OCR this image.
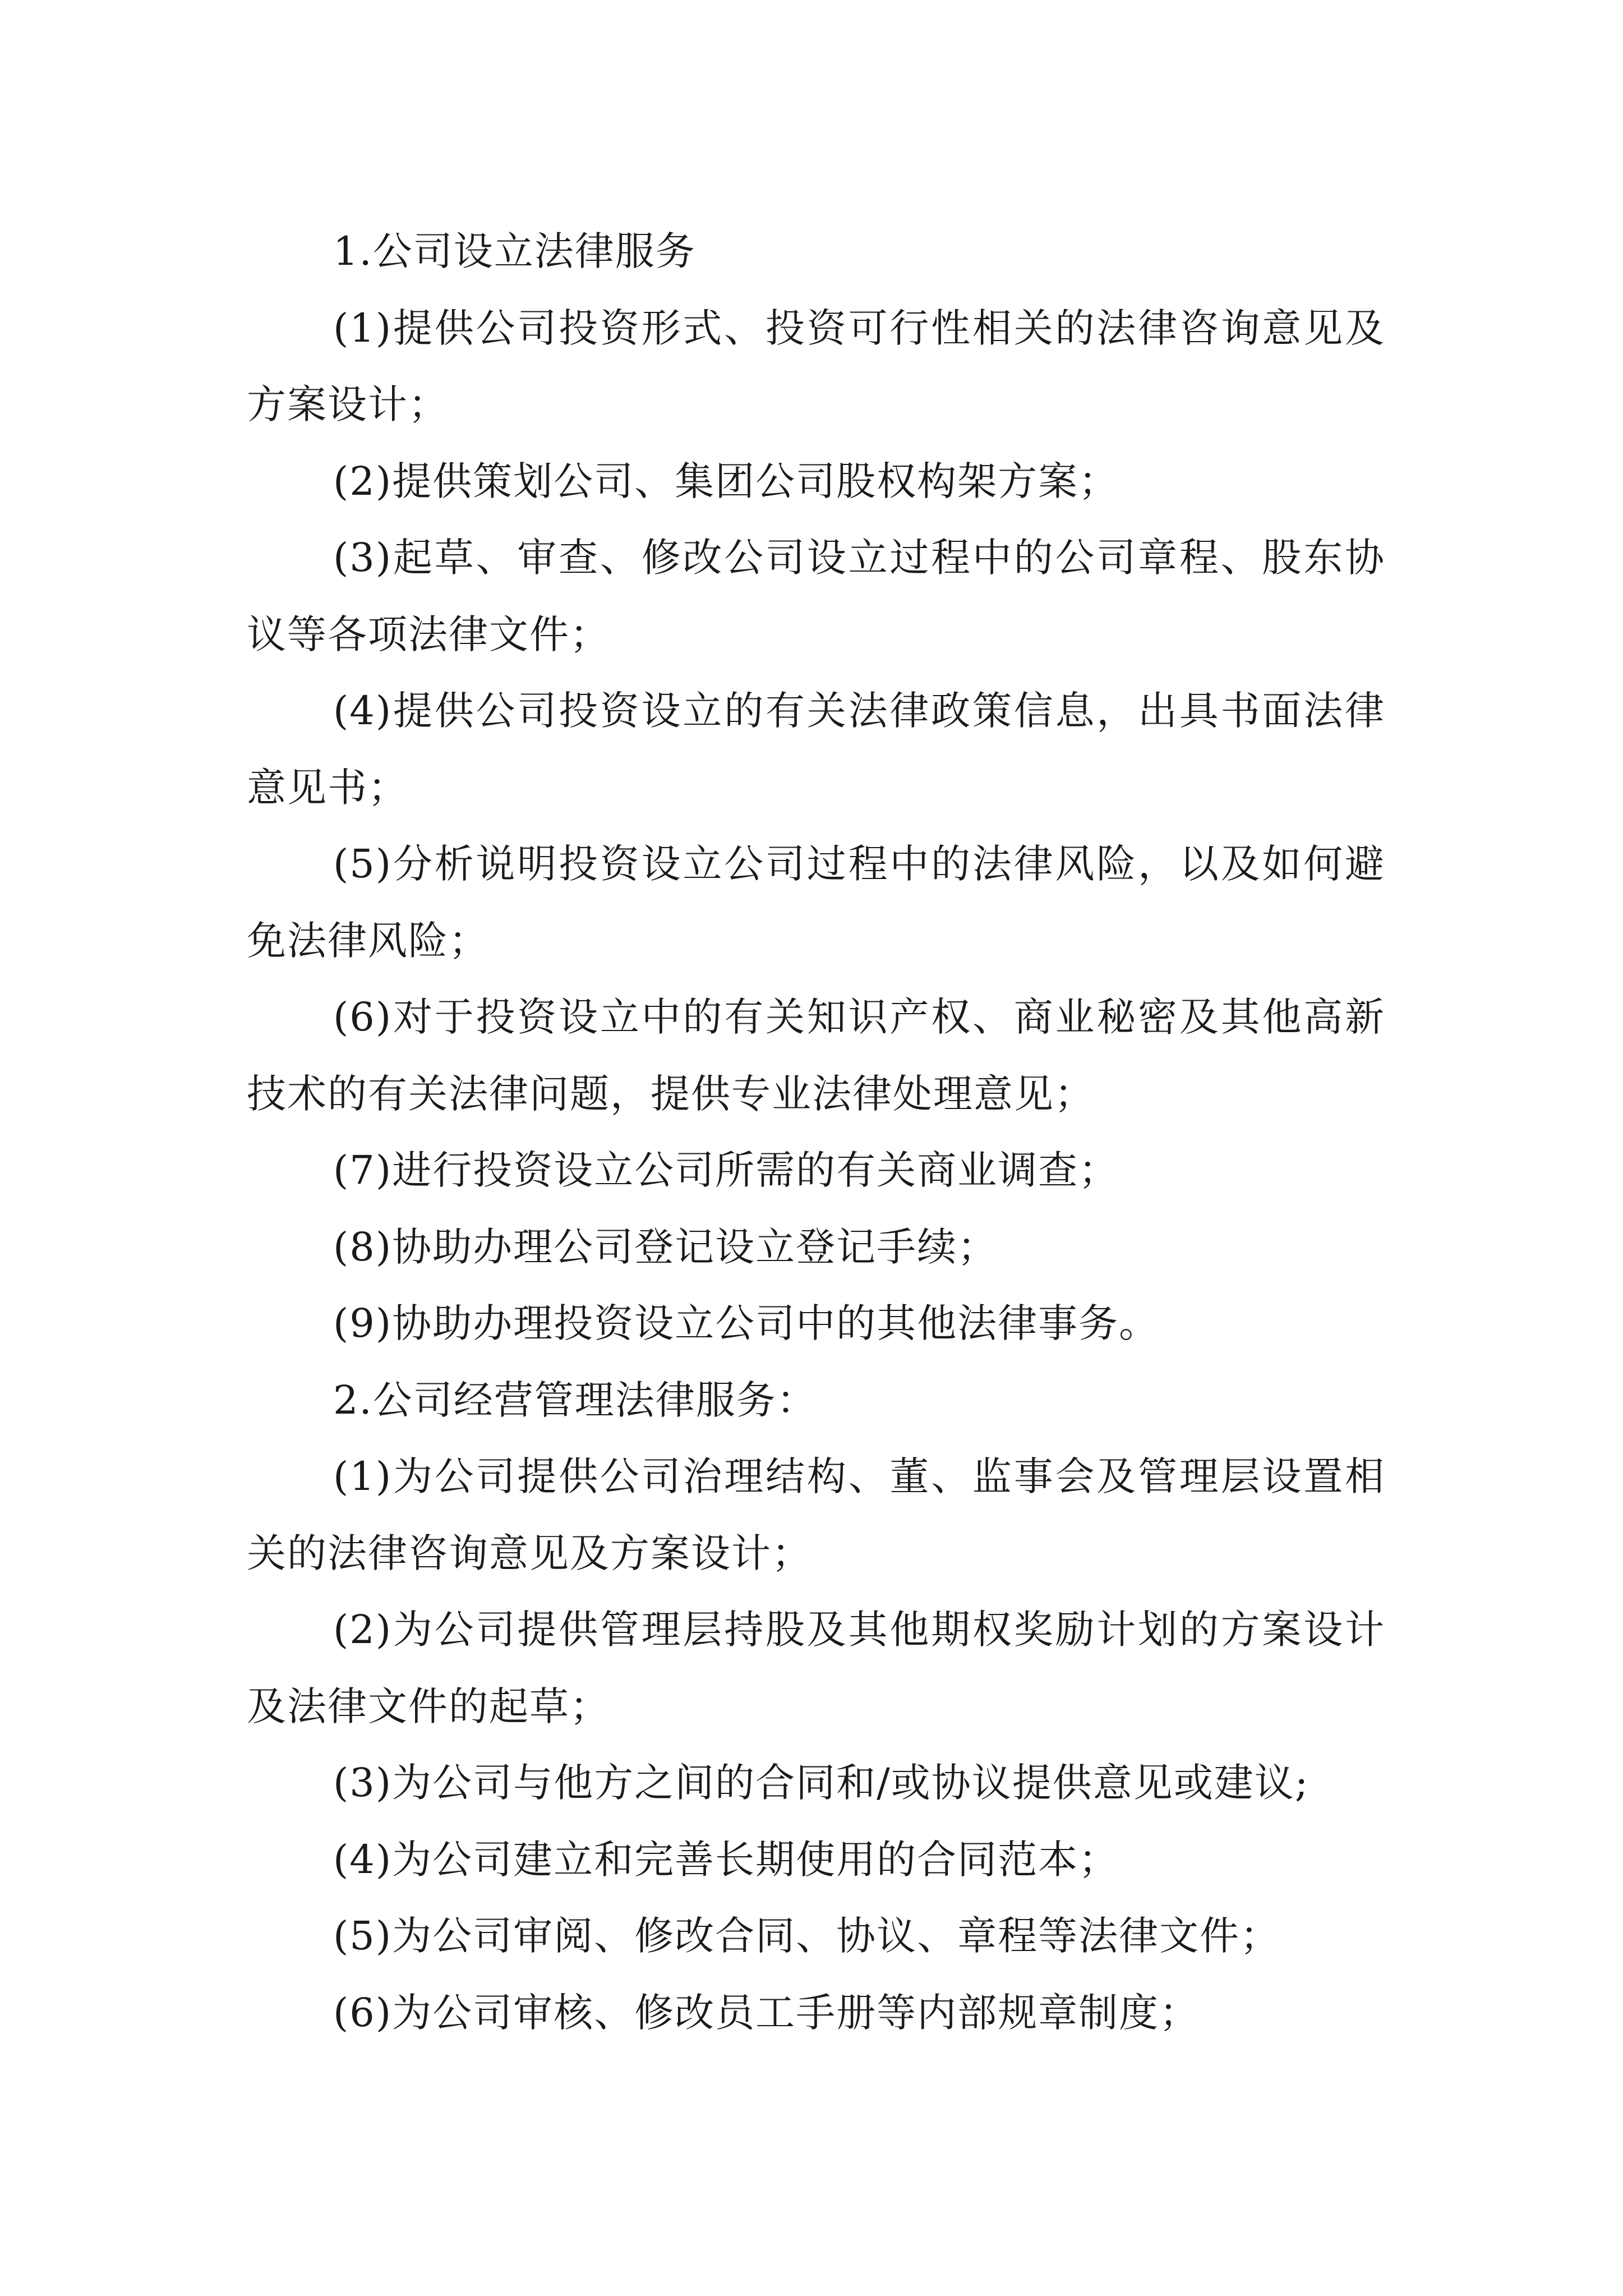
1.公司设立法律服务

(1)提供公司投资形式、投资可行性相关的法律咨询意见及方案设计；

(2)提供策划公司、集团公司股权构架方案；

(3)起草、审查、修改公司设立过程中的公司章程、股东协议等各项法律文件；

(4)提供公司投资设立的有关法律政策信息，出具书面法律意见书；

(5)分析说明投资设立公司过程中的法律风险，以及如何避免法律风险；

(6)对于投资设立中的有关知识产权、商业秘密及其他高新技术的有关法律问题，提供专业法律处理意见；

(7)进行投资设立公司所需的有关商业调查；

(8)协助办理公司登记设立登记手续；

(9)协助办理投资设立公司中的其他法律事务。

2.公司经营管理法律服务：

(1)为公司提供公司治理结构、董、监事会及管理层设置相关的法律咨询意见及方案设计；

(2)为公司提供管理层持股及其他期权奖励计划的方案设计及法律文件的起草；

(3)为公司与他方之间的合同和/或协议提供意见或建议;

(4)为公司建立和完善长期使用的合同范本；

(5)为公司审阅、修改合同、协议、章程等法律文件；

(6)为公司审核、修改员工手册等内部规章制度；
